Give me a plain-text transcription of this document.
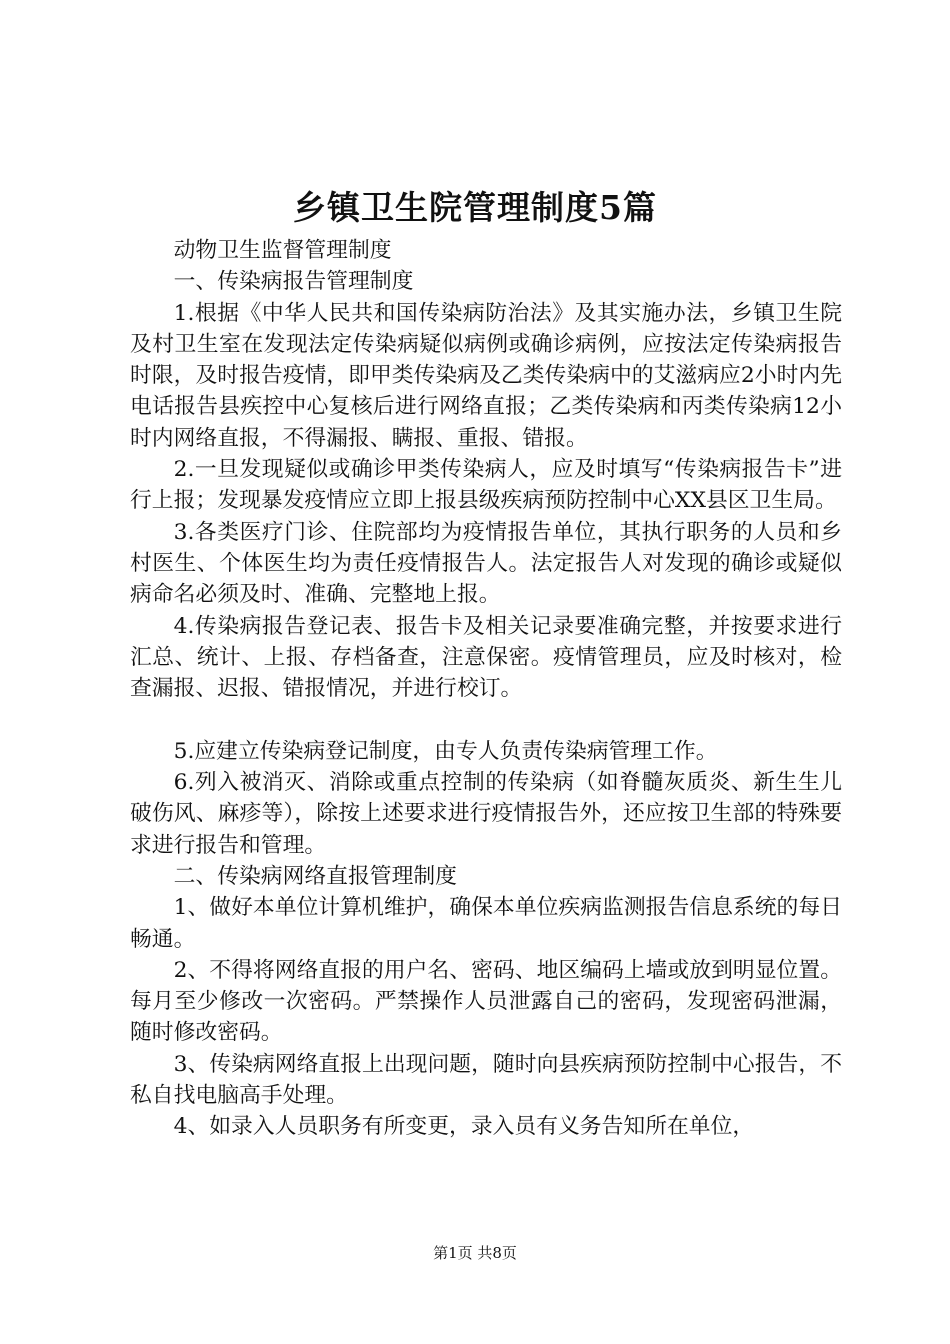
乡镇卫生院管理制度5篇

动物卫生监督管理制度

一、传染病报告管理制度

1.根据《中华人民共和国传染病防治法》及其实施办法，乡镇卫生院及村卫生室在发现法定传染病疑似病例或确诊病例，应按法定传染病报告时限，及时报告疫情，即甲类传染病及乙类传染病中的艾滋病应2小时内先电话报告县疾控中心复核后进行网络直报；乙类传染病和丙类传染病12小时内网络直报，不得漏报、瞒报、重报、错报。

2.一旦发现疑似或确诊甲类传染病人，应及时填写“传染病报告卡”进行上报；发现暴发疫情应立即上报县级疾病预防控制中心XX县区卫生局。

3.各类医疗门诊、住院部均为疫情报告单位，其执行职务的人员和乡村医生、个体医生均为责任疫情报告人。法定报告人对发现的确诊或疑似病命名必须及时、准确、完整地上报。

4.传染病报告登记表、报告卡及相关记录要准确完整，并按要求进行汇总、统计、上报、存档备查，注意保密。疫情管理员，应及时核对，检查漏报、迟报、错报情况，并进行校订。

5.应建立传染病登记制度，由专人负责传染病管理工作。

6.列入被消灭、消除或重点控制的传染病（如脊髓灰质炎、新生生儿破伤风、麻疹等），除按上述要求进行疫情报告外，还应按卫生部的特殊要求进行报告和管理。

二、传染病网络直报管理制度

1、做好本单位计算机维护，确保本单位疾病监测报告信息系统的每日畅通。

2、不得将网络直报的用户名、密码、地区编码上墙或放到明显位置。每月至少修改一次密码。严禁操作人员泄露自己的密码，发现密码泄漏，随时修改密码。

3、传染病网络直报上出现问题，随时向县疾病预防控制中心报告，不私自找电脑高手处理。

4、如录入人员职务有所变更，录入员有义务告知所在单位，

第1页 共8页
